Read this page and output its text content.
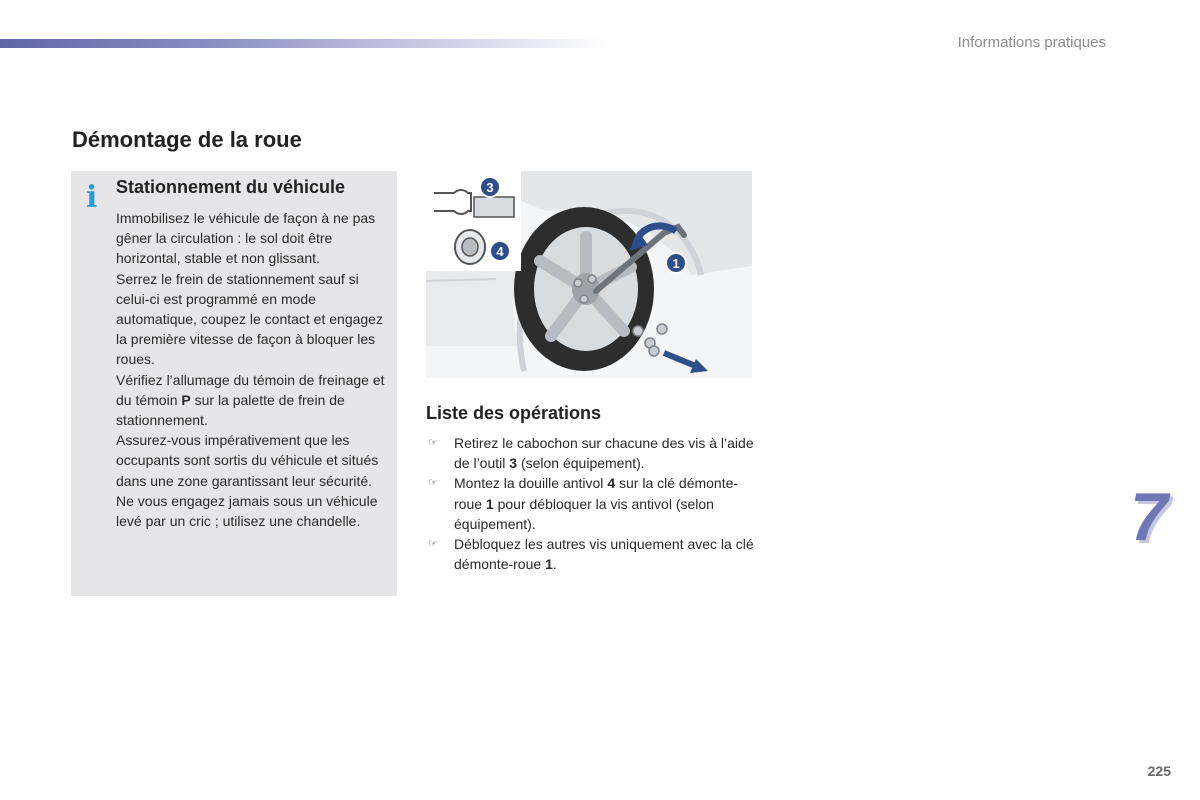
Informations pratiques
Démontage de la roue
i Stationnement du véhicule

Immobilisez le véhicule de façon à ne pas gêner la circulation : le sol doit être horizontal, stable et non glissant.

Serrez le frein de stationnement sauf si celui-ci est programmé en mode automatique, coupez le contact et engagez la première vitesse de façon à bloquer les roues.

Vérifiez l’allumage du témoin de freinage et du témoin P sur la palette de frein de stationnement.

Assurez-vous impérativement que les occupants sont sortis du véhicule et situés dans une zone garantissant leur sécurité.

Ne vous engagez jamais sous un véhicule levé par un cric ; utilisez une chandelle.

3
4
1
Liste des opérations
☞ Retirez le cabochon sur chacune des vis à l’aide de l’outil 3 (selon équipement).
☞ Montez la douille antivol 4 sur la clé démonte-roue 1 pour débloquer la vis antivol (selon équipement).
☞ Débloquez les autres vis uniquement avec la clé démonte-roue 1.
7
225
